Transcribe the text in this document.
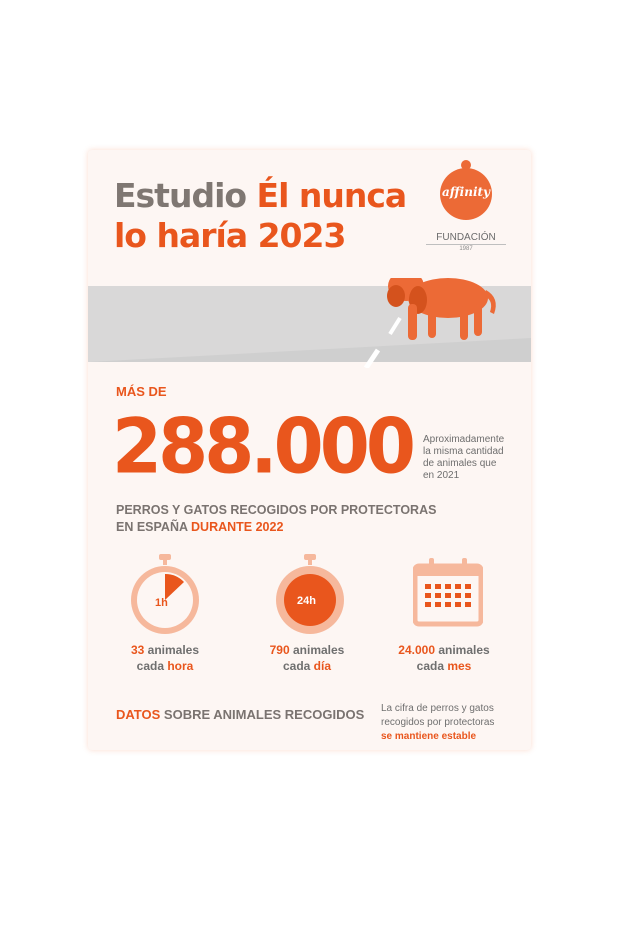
Estudio Él nunca
lo haría 2023
affinity
FUNDACIÓN
1987
MÁS DE
288.000 Aproximadamente
la misma cantidad
de animales que
en 2021
PERROS Y GATOS RECOGIDOS POR PROTECTORAS
EN ESPAÑA DURANTE 2022
1h	24h
33 animales
cada hora
790 animales
cada día
24.000 animales
cada mes
DATOS SOBRE ANIMALES RECOGIDOS La cifra de perros y gatos
recogidos por protectoras
se mantiene estable
